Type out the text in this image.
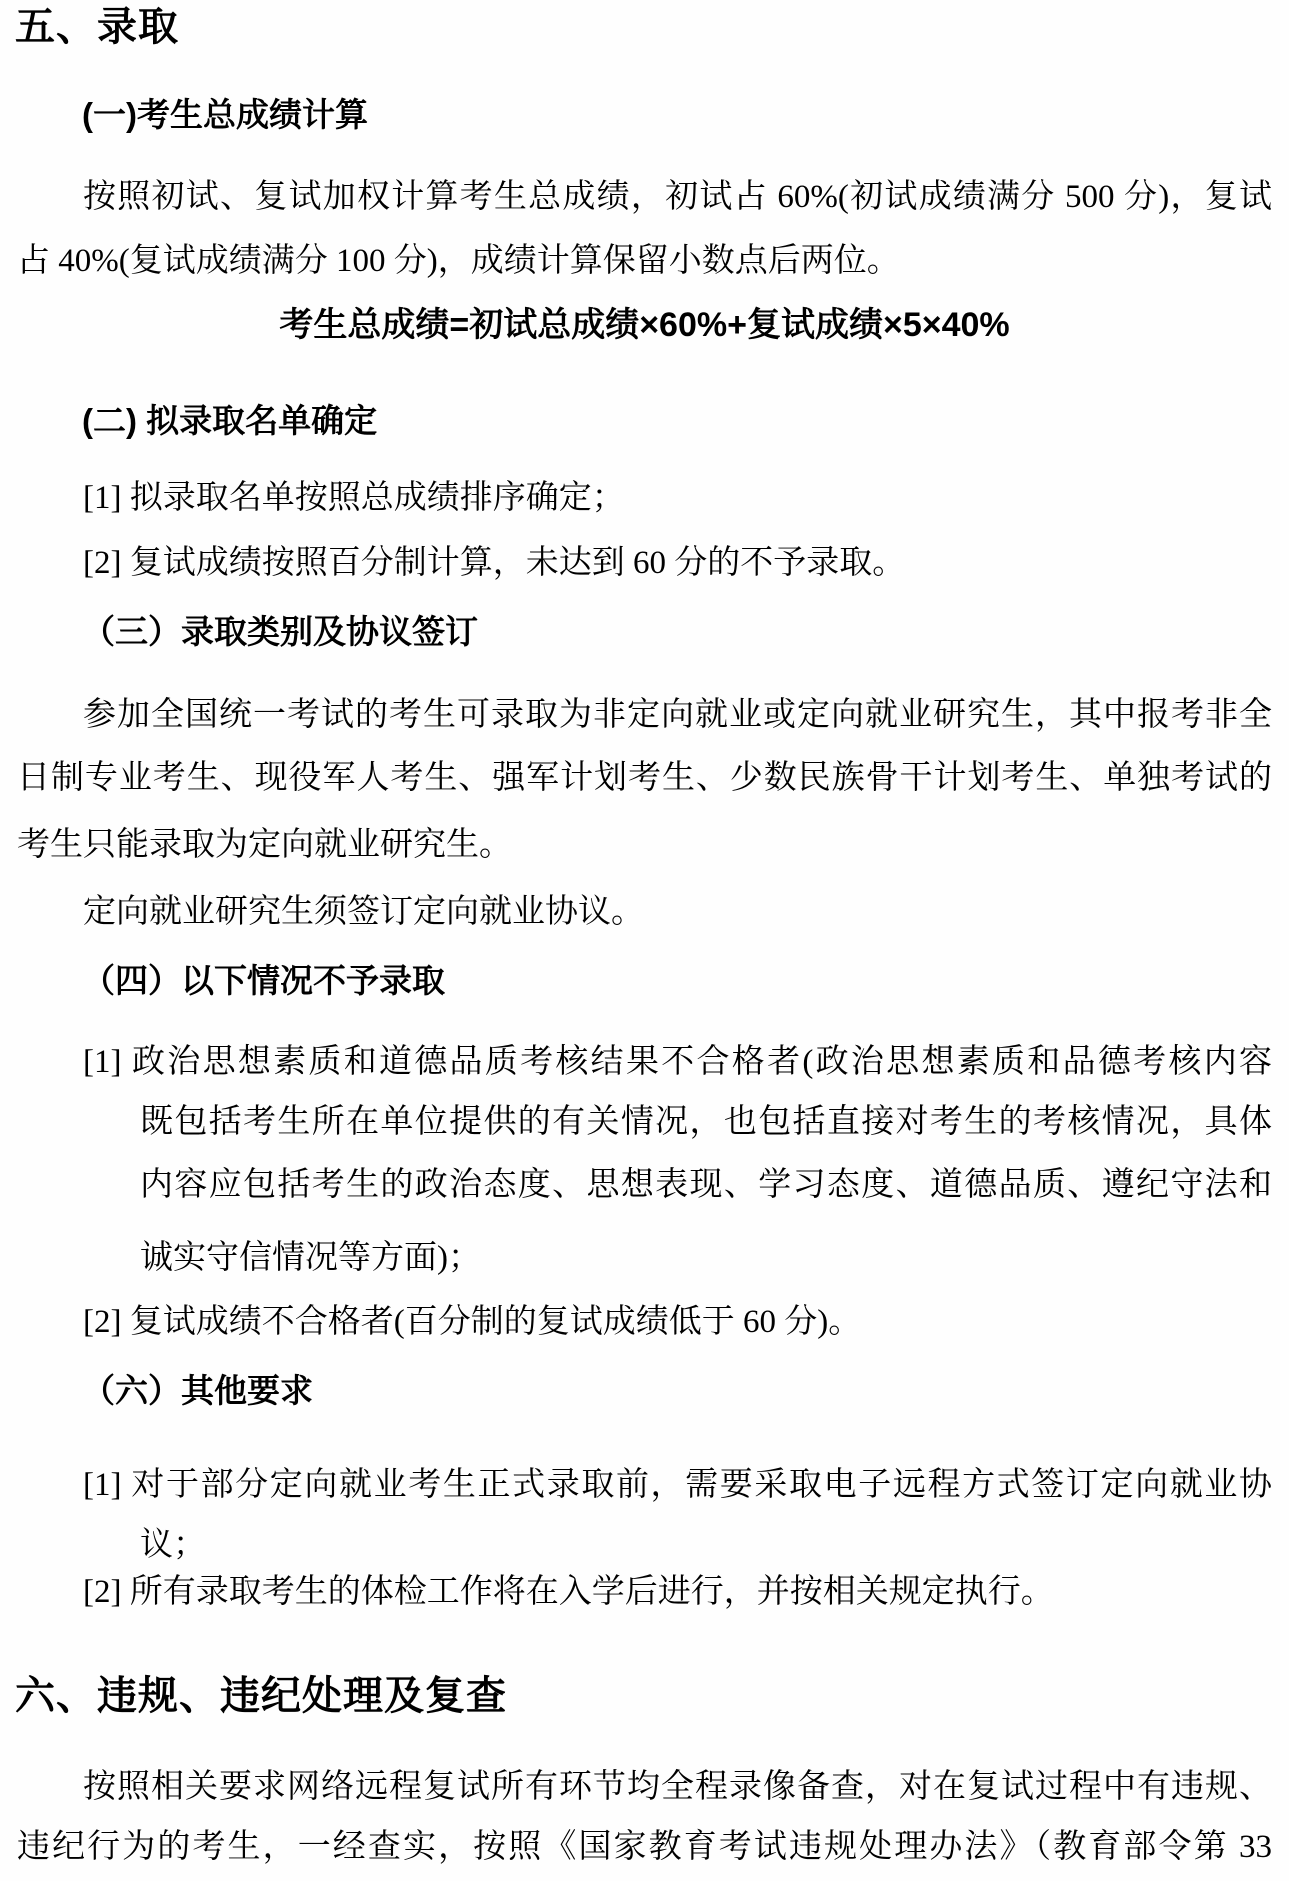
五、录取
(一)考生总成绩计算
按照初试、复试加权计算考生总成绩，初试占 60%(初试成绩满分 500 分)，复试
占 40%(复试成绩满分 100 分)，成绩计算保留小数点后两位。
考生总成绩=初试总成绩×60%+复试成绩×5×40%
(二) 拟录取名单确定
[1] 拟录取名单按照总成绩排序确定；
[2] 复试成绩按照百分制计算，未达到 60 分的不予录取。
（三）录取类别及协议签订
参加全国统一考试的考生可录取为非定向就业或定向就业研究生，其中报考非全
日制专业考生、现役军人考生、强军计划考生、少数民族骨干计划考生、单独考试的
考生只能录取为定向就业研究生。
定向就业研究生须签订定向就业协议。
（四）以下情况不予录取
[1] 政治思想素质和道德品质考核结果不合格者(政治思想素质和品德考核内容
既包括考生所在单位提供的有关情况，也包括直接对考生的考核情况，具体
内容应包括考生的政治态度、思想表现、学习态度、道德品质、遵纪守法和
诚实守信情况等方面)；
[2] 复试成绩不合格者(百分制的复试成绩低于 60 分)。
（六）其他要求
[1] 对于部分定向就业考生正式录取前，需要采取电子远程方式签订定向就业协
议；
[2] 所有录取考生的体检工作将在入学后进行，并按相关规定执行。
六、违规、违纪处理及复查
按照相关要求网络远程复试所有环节均全程录像备查，对在复试过程中有违规、
违纪行为的考生，一经查实，按照《国家教育考试违规处理办法》（教育部令第 33
